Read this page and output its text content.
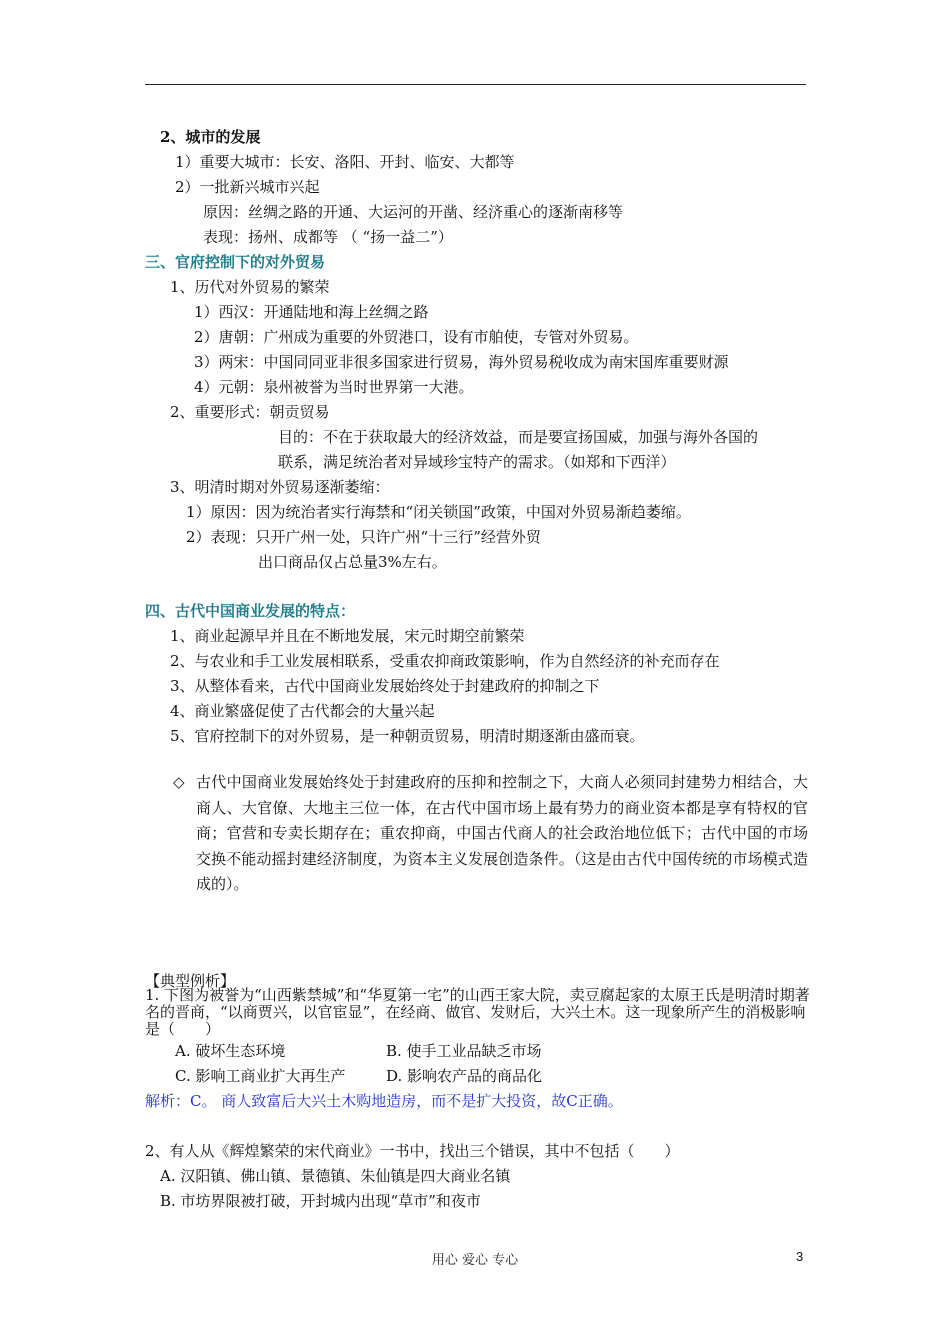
2、城市的发展
1）重要大城市：长安、洛阳、开封、临安、大都等
2）一批新兴城市兴起
原因：丝绸之路的开通、大运河的开凿、经济重心的逐渐南移等
表现：扬州、成都等 （ “扬一益二”）
三、官府控制下的对外贸易
1、历代对外贸易的繁荣
1）西汉：开通陆地和海上丝绸之路
2）唐朝：广州成为重要的外贸港口，设有市舶使，专管对外贸易。
3）两宋：中国同同亚非很多国家进行贸易，海外贸易税收成为南宋国库重要财源
4）元朝：泉州被誉为当时世界第一大港。
2、重要形式：朝贡贸易
目的：不在于获取最大的经济效益，而是要宣扬国威，加强与海外各国的
联系，满足统治者对异域珍宝特产的需求。（如郑和下西洋）
3、明清时期对外贸易逐渐萎缩：
1）原因：因为统治者实行海禁和“闭关锁国”政策，中国对外贸易渐趋萎缩。
2）表现：只开广州一处，只许广州“十三行”经营外贸
出口商品仅占总量3%左右。
四、古代中国商业发展的特点：
1、商业起源早并且在不断地发展，宋元时期空前繁荣
2、与农业和手工业发展相联系，受重农抑商政策影响，作为自然经济的补充而存在
3、从整体看来，古代中国商业发展始终处于封建政府的抑制之下
4、商业繁盛促使了古代都会的大量兴起
5、官府控制下的对外贸易，是一种朝贡贸易，明清时期逐渐由盛而衰。
◇ 古代中国商业发展始终处于封建政府的压抑和控制之下，大商人必须同封建势力相结合，大商人、大官僚、大地主三位一体，在古代中国市场上最有势力的商业资本都是享有特权的官商；官营和专卖长期存在；重农抑商，中国古代商人的社会政治地位低下；古代中国的市场交换不能动摇封建经济制度，为资本主义发展创造条件。（这是由古代中国传统的市场模式造成的）。
【典型例析】
1. 下图为被誉为“山西紫禁城”和“华夏第一宅”的山西王家大院，卖豆腐起家的太原王氏是明清时期著名的晋商，“以商贾兴，以官宦显”，在经商、做官、发财后，大兴土木。这一现象所产生的消极影响是（　　）
A. 破坏生态环境	B. 使手工业品缺乏市场
C. 影响工商业扩大再生产	D. 影响农产品的商品化
解析：C。 商人致富后大兴土木购地造房，而不是扩大投资，故C正确。
2、有人从《辉煌繁荣的宋代商业》一书中，找出三个错误，其中不包括（　　）
A. 汉阳镇、佛山镇、景德镇、朱仙镇是四大商业名镇
B. 市坊界限被打破，开封城内出现“草市”和夜市
用心 爱心 专心	3
